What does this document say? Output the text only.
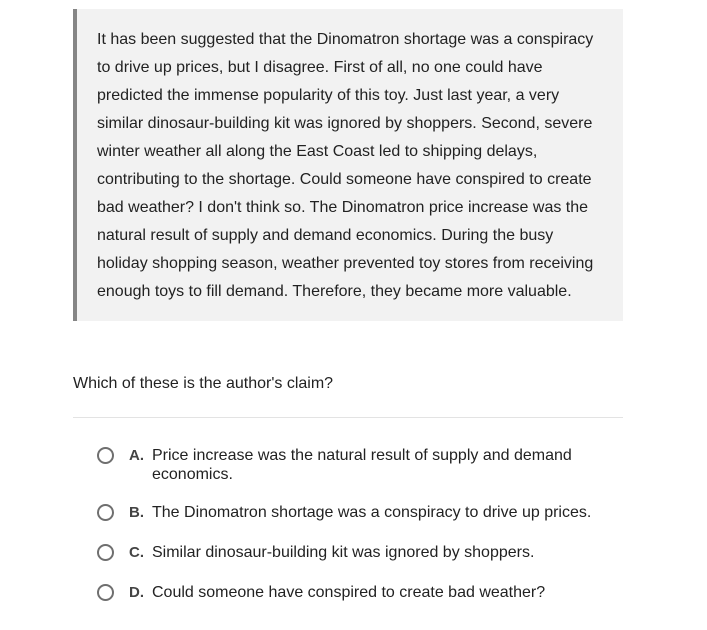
It has been suggested that the Dinomatron shortage was a conspiracy to drive up prices, but I disagree. First of all, no one could have predicted the immense popularity of this toy. Just last year, a very similar dinosaur-building kit was ignored by shoppers. Second, severe winter weather all along the East Coast led to shipping delays, contributing to the shortage. Could someone have conspired to create bad weather? I don't think so. The Dinomatron price increase was the natural result of supply and demand economics. During the busy holiday shopping season, weather prevented toy stores from receiving enough toys to fill demand. Therefore, they became more valuable.

Which of these is the author's claim?

A. Price increase was the natural result of supply and demand economics.
B. The Dinomatron shortage was a conspiracy to drive up prices.
C. Similar dinosaur-building kit was ignored by shoppers.
D. Could someone have conspired to create bad weather?
